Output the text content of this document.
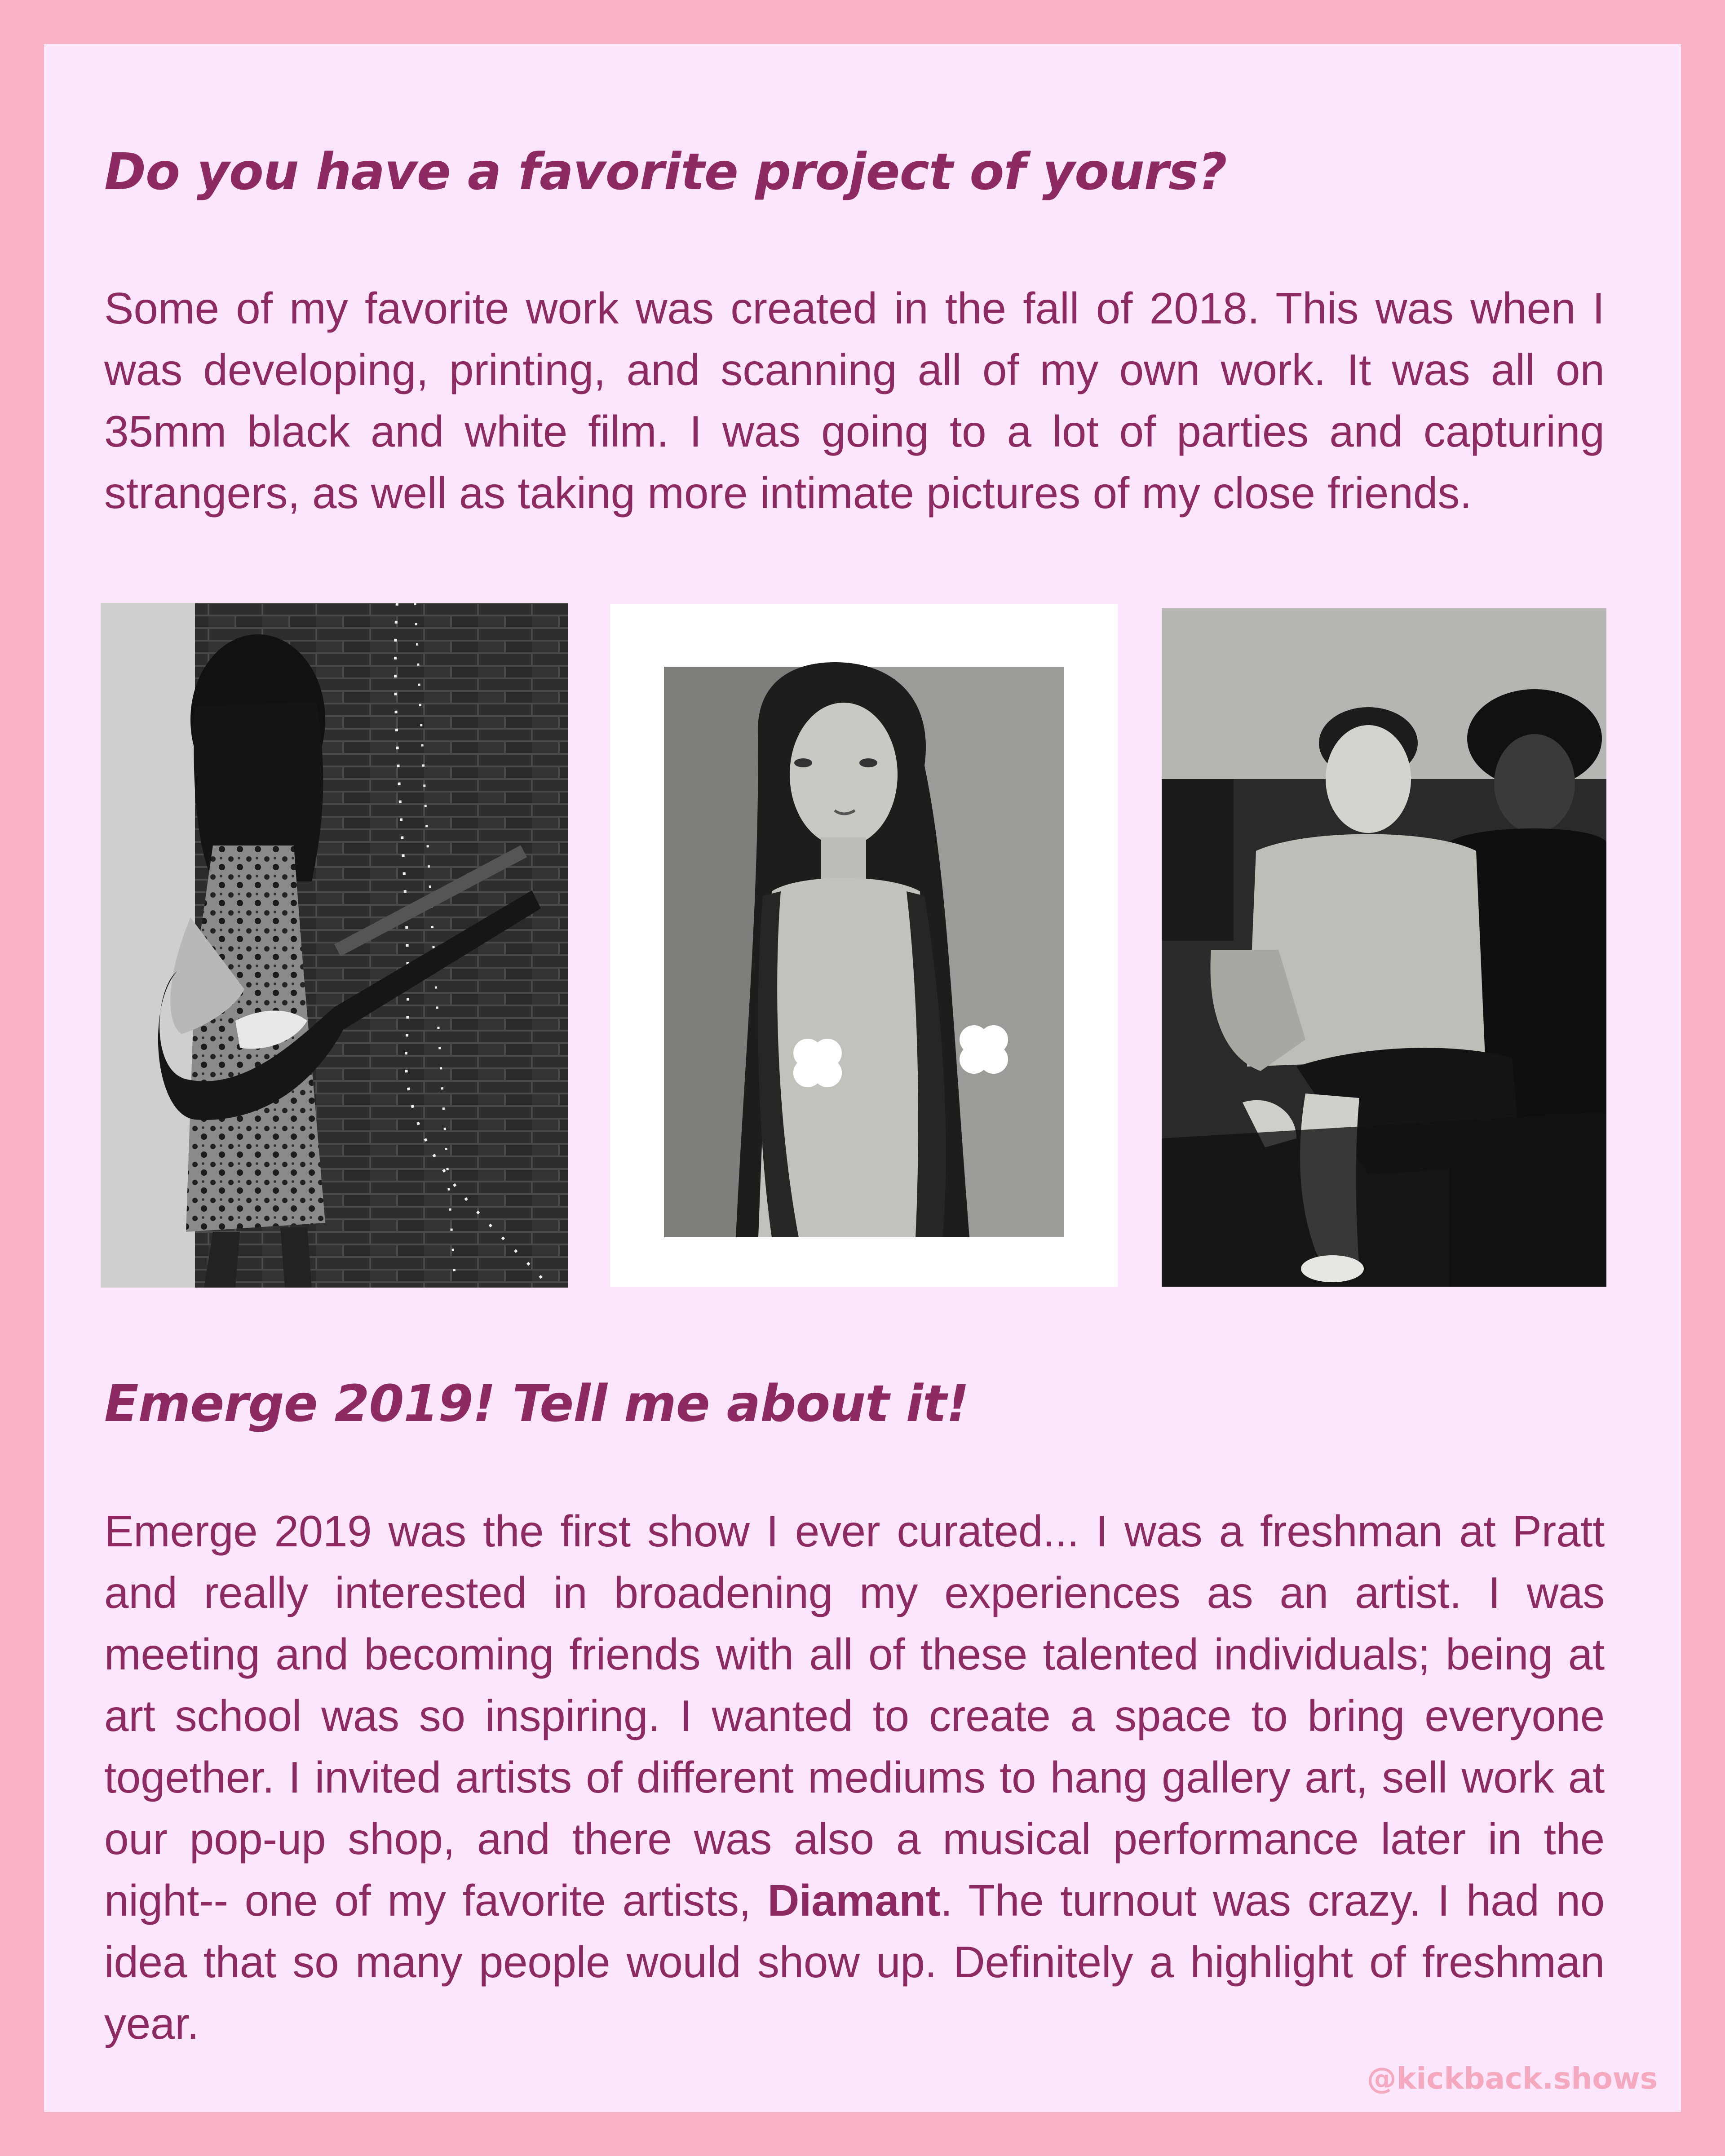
Do you have a favorite project of yours?

Some of my favorite work was created in the fall of 2018. This was when I was developing, printing, and scanning all of my own work. It was all on 35mm black and white film. I was going to a lot of parties and capturing strangers, as well as taking more intimate pictures of my close friends.

Emerge 2019! Tell me about it!

Emerge 2019 was the first show I ever curated... I was a freshman at Pratt and really interested in broadening my experiences as an artist. I was meeting and becoming friends with all of these talented individuals; being at art school was so inspiring. I wanted to create a space to bring everyone together. I invited artists of different mediums to hang gallery art, sell work at our pop-up shop, and there was also a musical performance later in the night-- one of my favorite artists, Diamant. The turnout was crazy. I had no idea that so many people would show up. Definitely a highlight of freshman year.

@kickback.shows
